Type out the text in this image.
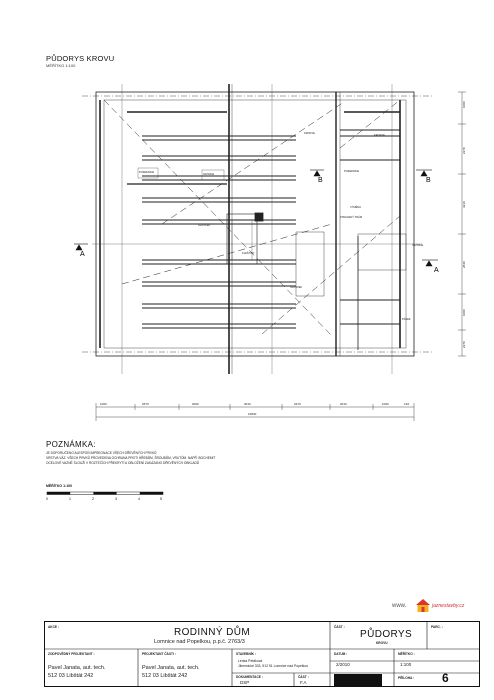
PŮDORYS KROVU
MĚŘÍTKO 1:100
A
A
B	B
POZEDNICE
VAZNICE
POZEDNICE
KROKVE
KROKVE
SLOUPEK
SLOUPEK
VAZNICE
PÁSEK
VÝMĚNA
KLEŠTINY
ZTRACENÝ TRÁM
1000	2570	2000	3010	2270	2010	1000	140
10840
1000
2270
3210
2840
1000
2270
POZNÁMKA:
JE DOPORUČENO ALESPOŇ IMPREGNACE VŠECH DŘEVĚNÝCH PRVKŮ
VRSTVA VÁZ. VŠECH PRVKŮ PROVEDENA OCHRANA PROTI HŘEBŮM, ŠROUBŮM, VRUTŮM. NAPŘ. BOCHEMIT
OCELOVÉ VAZNÉ SLOUŽÍ V ROZTEČÍCH PŘEKRYTÍ A OBLOŽENÍ ZAKÁZANO DŘEVĚNÝCH OBKLADŮ
MĚŘÍTKO 1:100
0	1	2	3	4	5
www.	jaznestavby.cz
AKCE :	RODINNÝ DŮM
Lomnice nad Popelkou, p.p.č. 2763/3
ČÁST :
PŮDORYS
KROVU
PARC. :
ZODPOVĚDNÝ PROJEKTANT :
Pavel Janata, aut. tech.
512 03 Libštát 242
PROJEKTANT ČÁSTI :
Pavel Janata, aut. tech.
512 03 Libštát 242
STAVEBNÍK :
Lenka Petáková
Jilemnické 333, 512 51 Lomnice nad Popelkou
DOKUMENTACE :
DSP
ČÁST :
F.A
DATUM :
2/2010
MĚŘÍTKO :
1:100
PŘÍLOHA : 6
